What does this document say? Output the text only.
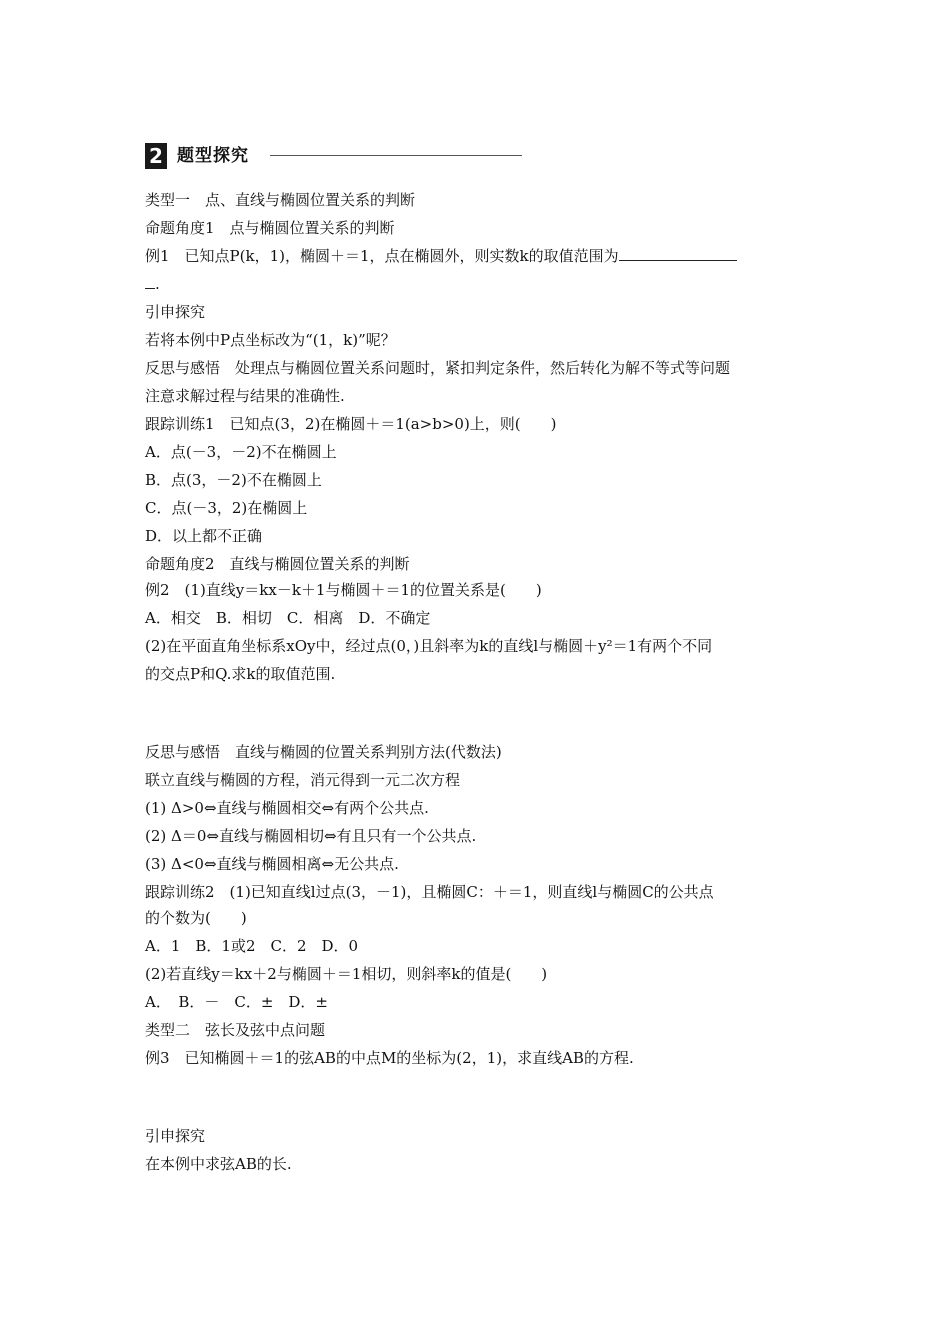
2 题型探究
类型一　点、直线与椭圆位置关系的判断
命题角度1　点与椭圆位置关系的判断
例1　已知点P(k，1)，椭圆＋＝1，点在椭圆外，则实数k的取值范围为
.
引申探究
若将本例中P点坐标改为“(1，k)”呢？
反思与感悟　处理点与椭圆位置关系问题时，紧扣判定条件，然后转化为解不等式等问题
注意求解过程与结果的准确性.
跟踪训练1　已知点(3，2)在椭圆＋＝1(a>b>0)上，则(　　)
A．点(－3，－2)不在椭圆上
B．点(3，－2)不在椭圆上
C．点(－3，2)在椭圆上
D．以上都不正确
命题角度2　直线与椭圆位置关系的判断
例2　(1)直线y＝kx－k＋1与椭圆＋＝1的位置关系是(　　)
A．相交　B．相切　C．相离　D．不确定
(2)在平面直角坐标系xOy中，经过点(0，)且斜率为k的直线l与椭圆＋y²＝1有两个不同
的交点P和Q.求k的取值范围.
反思与感悟　直线与椭圆的位置关系判别方法(代数法)
联立直线与椭圆的方程，消元得到一元二次方程
(1) Δ>0⇔直线与椭圆相交⇔有两个公共点.
(2) Δ＝0⇔直线与椭圆相切⇔有且只有一个公共点.
(3) Δ<0⇔直线与椭圆相离⇔无公共点.
跟踪训练2　(1)已知直线l过点(3，－1)，且椭圆C：＋＝1，则直线l与椭圆C的公共点
的个数为(　　)
A．1　B．1或2　C．2　D．0
(2)若直线y＝kx＋2与椭圆＋＝1相切，则斜率k的值是(　　)
A．　B．－　C．±　D．±
类型二　弦长及弦中点问题
例3　已知椭圆＋＝1的弦AB的中点M的坐标为(2，1)，求直线AB的方程.
引申探究
在本例中求弦AB的长.
